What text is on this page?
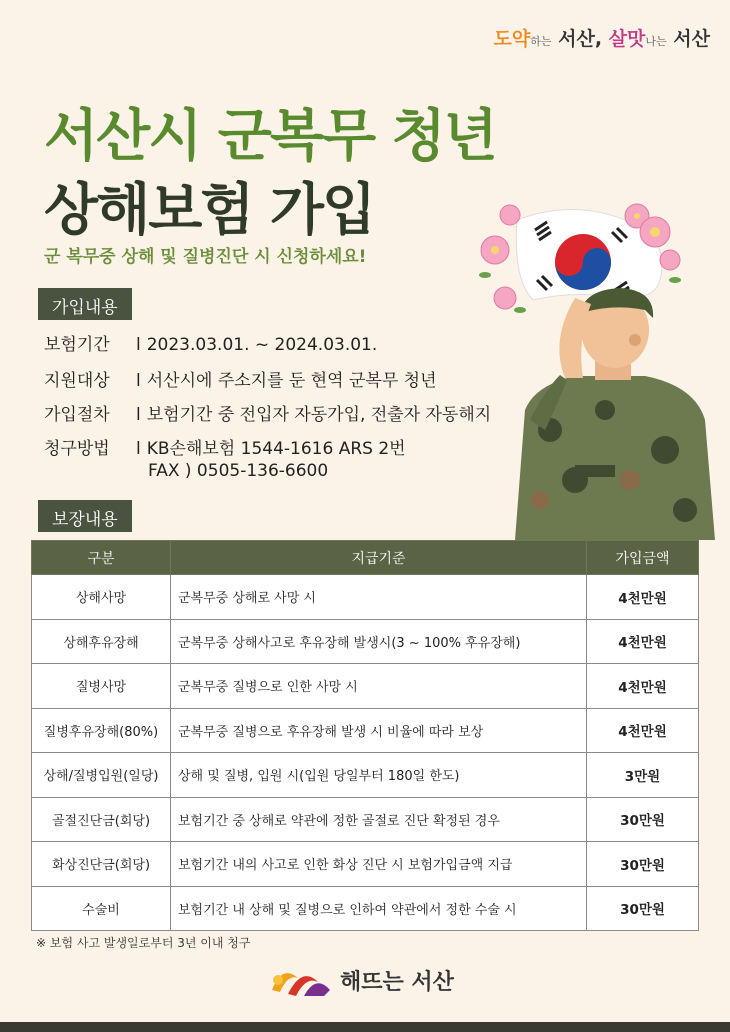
도약하는 서산, 살맛나는 서산
서산시 군복무 청년
상해보험 가입
군 복무중 상해 및 질병진단 시 신청하세요!
가입내용
보험기간 l 2023.03.01. ~ 2024.03.01.
지원대상 l 서산시에 주소지를 둔 현역 군복무 청년
가입절차 l 보험기간 중 전입자 자동가입, 전출자 자동해지
청구방법 l KB손해보험 1544-1616 ARS 2번
FAX ) 0505-136-6600
보장내용
구분	지급기준	가입금액
상해사망	군복무중 상해로 사망 시	4천만원
상해후유장해	군복무중 상해사고로 후유장해 발생시(3 ~ 100% 후유장해)	4천만원
질병사망	군복무중 질병으로 인한 사망 시	4천만원
질병후유장해(80%)	군복무중 질병으로 후유장해 발생 시 비율에 따라 보상	4천만원
상해/질병입원(일당)	상해 및 질병, 입원 시(입원 당일부터 180일 한도)	3만원
골절진단금(회당)	보험기간 중 상해로 약관에 정한 골절로 진단 확정된 경우	30만원
화상진단금(회당)	보험기간 내의 사고로 인한 화상 진단 시 보험가입금액 지급	30만원
수술비	보험기간 내 상해 및 질병으로 인하여 약관에서 정한 수술 시	30만원
※ 보험 사고 발생일로부터 3년 이내 청구
해뜨는 서산
